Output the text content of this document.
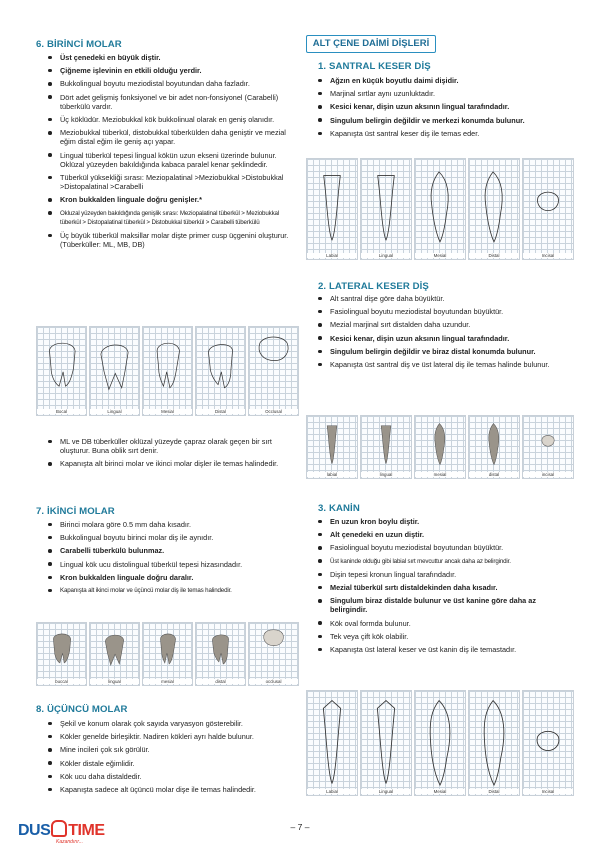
6. BİRİNCİ MOLAR
Üst çenedeki en büyük diştir.
Çiğneme işlevinin en etkili olduğu yerdir.
Bukkolingual boyutu meziodistal boyutundan daha fazladır.
Dört adet gelişmiş fonksiyonel ve bir adet non-fonsiyonel (Carabelli) tüberkülü vardır.
Üç köklüdür. Meziobukkal kök bukkolinual olarak en geniş olanıdır.
Meziobukkal tüberkül, distobukkal tüberkülden daha geniştir ve mezial eğim distal eğim ile geniş açı yapar.
Lingual tüberkül tepesi lingual kökün uzun ekseni üzerinde bulunur. Oklüzal yüzeyden bakıldığında kabaca paralel kenar şeklindedir.
Tüberkül yüksekliği sırası: Meziopalatinal >Meziobukkal >Distobukkal >Distopalatinal >Carabelli
Kron bukkalden linguale doğru genişler.*
Okluzal yüzeyden bakıldığında genişlik sırası: Meziopalatinal tüberkül > Meziobukkal tüberkül > Distopalatinal tüberkül > Distobukkal tüberkül > Carabelli tüberkülü
Üç büyük tüberkül maksillar molar dişte primer cusp üçgenini oluşturur. (Tüberküller: ML, MB, DB)
Bocal	Lingual	Mesial	Distal	Occlusal
ML ve DB tüberküller oklüzal yüzeyde çapraz olarak geçen bir sırt oluşturur. Buna oblik sırt denir.
Kapanışta alt birinci molar ve ikinci molar dişler ile temas halindedir.
7. İKİNCİ MOLAR
Birinci molara göre 0.5 mm daha kısadır.
Bukkolingual boyutu birinci molar diş ile aynıdır.
Carabelli tüberkülü bulunmaz.
Lingual kök ucu distolingual tüberkül tepesi hizasındadır.
Kron bukkalden linguale doğru daralır.
Kapanışta alt ikinci molar ve üçüncü molar diş ile temas halindedir.
buccal	lingual	mesial	distal	occlusal
8. ÜÇÜNCÜ MOLAR
Şekil ve konum olarak çok sayıda varyasyon gösterebilir.
Kökler genelde birleşiktir. Nadiren kökleri ayrı halde bulunur.
Mine incileri çok sık görülür.
Kökler distale eğimlidir.
Kök ucu daha distaldedir.
Kapanışta sadece alt üçüncü molar dişe ile temas halindedir.
ALT ÇENE DAİMİ DİŞLERİ
1. SANTRAL KESER DİŞ
Ağzın en küçük boyutlu daimi dişidir.
Marjinal sırtlar aynı uzunluktadır.
Kesici kenar, dişin uzun aksının lingual tarafındadır.
Singulum belirgin değildir ve merkezi konumda bulunur.
Kapanışta üst santral keser diş ile temas eder.
Labial	Lingual	Mesial	Distal	Incisal
2. LATERAL KESER DİŞ
Alt santral dişe göre daha büyüktür.
Fasiolingual boyutu meziodistal boyutundan büyüktür.
Mezial marjinal sırt distalden daha uzundur.
Kesici kenar, dişin uzun aksının lingual tarafındadır.
Singulum belirgin değildir ve biraz distal konumda bulunur.
Kapanışta üst santral diş ve üst lateral diş ile temas halinde bulunur.
labial	lingual	mesial	distal	incisal
3. KANİN
En uzun kron boylu diştir.
Alt çenedeki en uzun diştir.
Fasiolingual boyutu meziodistal boyutundan büyüktür.
Üst kaninde olduğu gibi labial sırt mevcuttur ancak daha az belirgindir.
Dişin tepesi kronun lingual tarafındadır.
Mezial tüberkül sırtı distaldekinden daha kısadır.
Singulum biraz distalde bulunur ve üst kanine göre daha az belirgindir.
Kök oval formda bulunur.
Tek veya çift kök olabilir.
Kapanışta üst lateral keser ve üst kanin diş ile temastadır.
Labial	Lingual	Mesial	Distal	Incisal
DUS TIME
Kazandırır...
– 7 –
